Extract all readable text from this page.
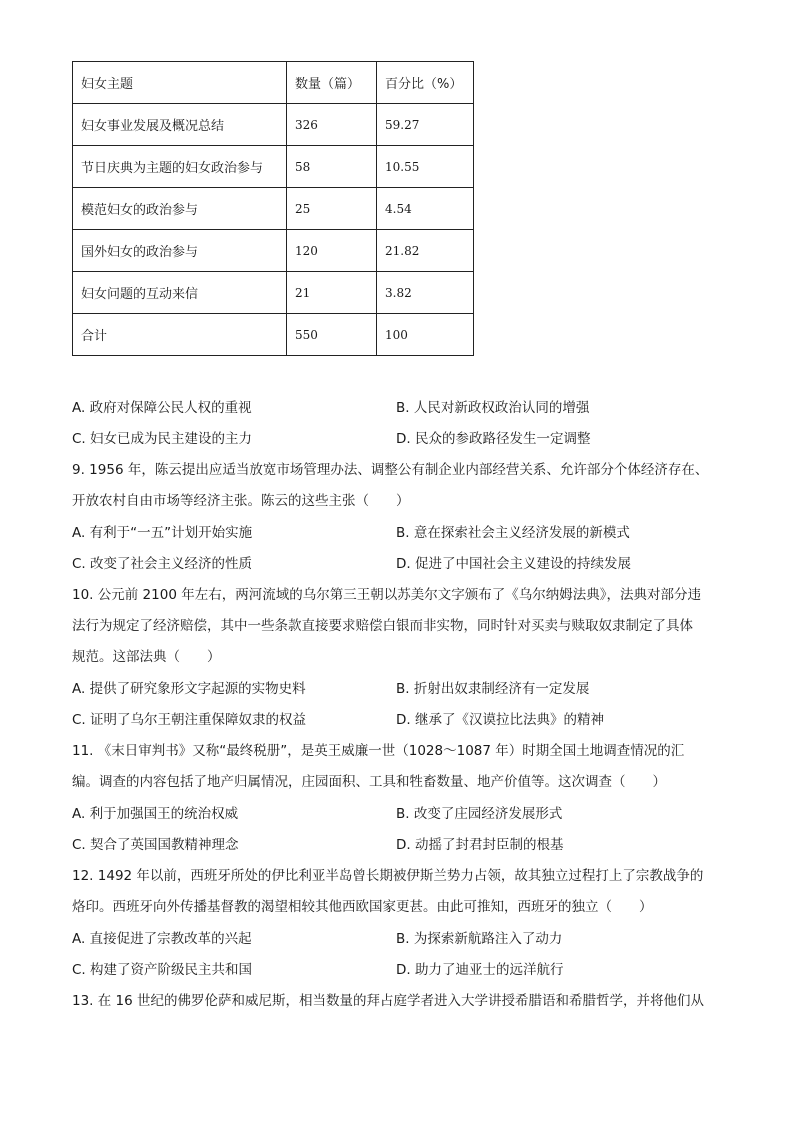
妇女主题	数量（篇）	百分比（%）
妇女事业发展及概况总结	326	59.27
节日庆典为主题的妇女政治参与	58	10.55
模范妇女的政治参与	25	4.54
国外妇女的政治参与	120	21.82
妇女问题的互动来信	21	3.82
合计	550	100
A. 政府对保障公民人权的重视	B. 人民对新政权政治认同的增强
C. 妇女已成为民主建设的主力	D. 民众的参政路径发生一定调整
9. 1956 年，陈云提出应适当放宽市场管理办法、调整公有制企业内部经营关系、允许部分个体经济存在、
开放农村自由市场等经济主张。陈云的这些主张（　　）
A. 有利于“一五”计划开始实施	B. 意在探索社会主义经济发展的新模式
C. 改变了社会主义经济的性质	D. 促进了中国社会主义建设的持续发展
10. 公元前 2100 年左右，两河流域的乌尔第三王朝以苏美尔文字颁布了《乌尔纳姆法典》，法典对部分违
法行为规定了经济赔偿，其中一些条款直接要求赔偿白银而非实物，同时针对买卖与赎取奴隶制定了具体
规范。这部法典（　　）
A. 提供了研究象形文字起源的实物史料	B. 折射出奴隶制经济有一定发展
C. 证明了乌尔王朝注重保障奴隶的权益	D. 继承了《汉谟拉比法典》的精神
11. 《末日审判书》又称“最终税册”，是英王威廉一世（1028～1087 年）时期全国土地调查情况的汇
编。调查的内容包括了地产归属情况，庄园面积、工具和牲畜数量、地产价值等。这次调查（　　）
A. 利于加强国王的统治权威	B. 改变了庄园经济发展形式
C. 契合了英国国教精神理念	D. 动摇了封君封臣制的根基
12. 1492 年以前，西班牙所处的伊比利亚半岛曾长期被伊斯兰势力占领，故其独立过程打上了宗教战争的
烙印。西班牙向外传播基督教的渴望相较其他西欧国家更甚。由此可推知，西班牙的独立（　　）
A. 直接促进了宗教改革的兴起	B. 为探索新航路注入了动力
C. 构建了资产阶级民主共和国	D. 助力了迪亚士的远洋航行
13. 在 16 世纪的佛罗伦萨和威尼斯，相当数量的拜占庭学者进入大学讲授希腊语和希腊哲学，并将他们从
